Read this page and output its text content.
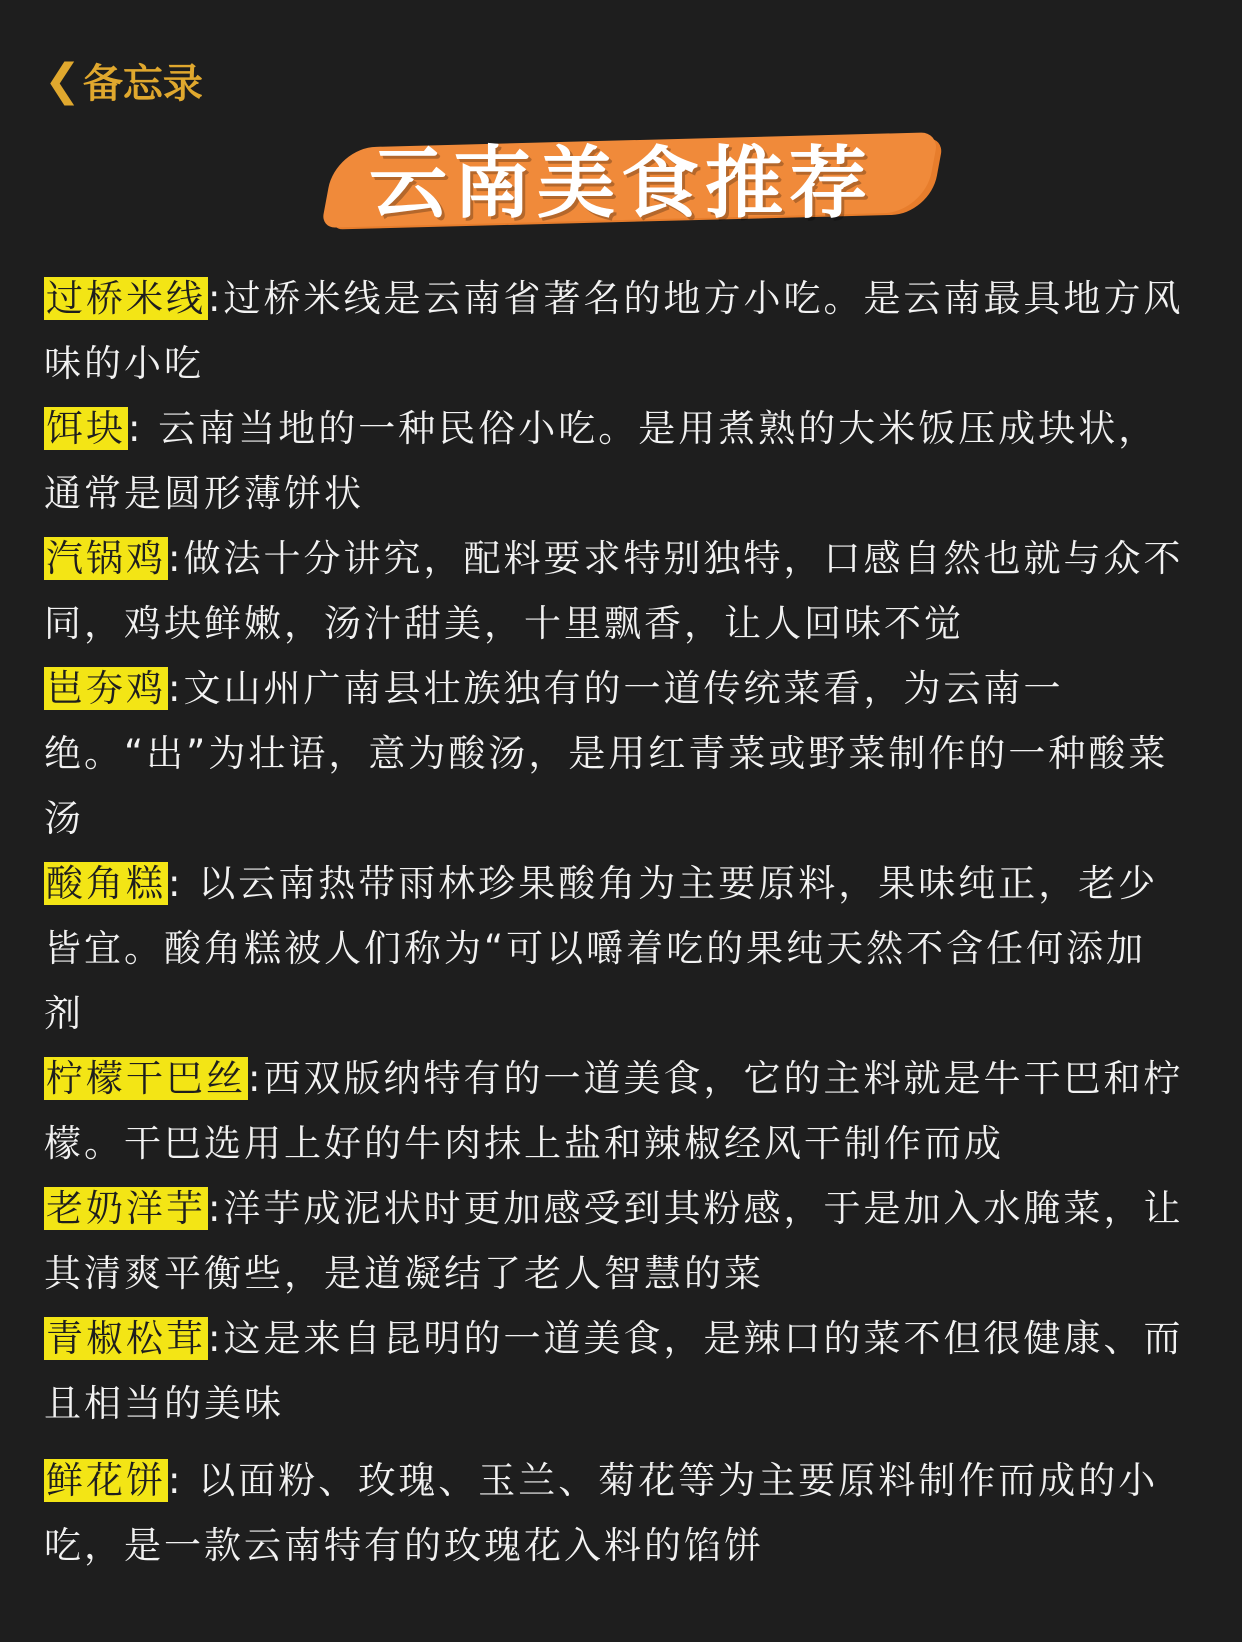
❮ 备忘录
云南美食推荐

过桥米线:过桥米线是云南省著名的地方小吃。是云南最具地方风味的小吃

饵块: 云南当地的一种民俗小吃。是用煮熟的大米饭压成块状，通常是圆形薄饼状

汽锅鸡:做法十分讲究，配料要求特别独特，口感自然也就与众不同，鸡块鲜嫩，汤汁甜美，十里飘香，让人回味不觉

岜夯鸡:文山州广南县壮族独有的一道传统菜看，为云南一绝。“出”为壮语，意为酸汤，是用红青菜或野菜制作的一种酸菜汤

酸角糕: 以云南热带雨林珍果酸角为主要原料，果味纯正，老少皆宜。酸角糕被人们称为“可以嚼着吃的果纯天然不含任何添加剂

柠檬干巴丝:西双版纳特有的一道美食，它的主料就是牛干巴和柠檬。干巴选用上好的牛肉抹上盐和辣椒经风干制作而成

老奶洋芋:洋芋成泥状时更加感受到其粉感，于是加入水腌菜，让其清爽平衡些，是道凝结了老人智慧的菜

青椒松茸:这是来自昆明的一道美食，是辣口的菜不但很健康、而且相当的美味

鲜花饼: 以面粉、玫瑰、玉兰、菊花等为主要原料制作而成的小吃，是一款云南特有的玫瑰花入料的馅饼
